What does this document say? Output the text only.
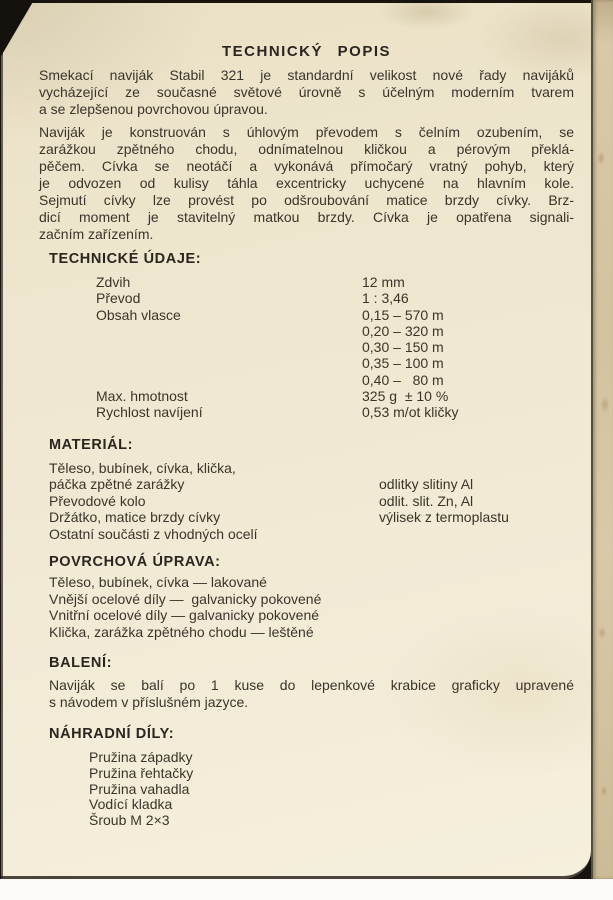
TECHNICKÝ POPIS
Smekací naviják Stabil 321 je standardní velikost nové řady navijáků
vycházející ze současné světové úrovně s účelným moderním tvarem
a se zlepšenou povrchovou úpravou.
Naviják je konstruován s úhlovým převodem s čelním ozubením, se
zarážkou zpětného chodu, odnímatelnou kličkou a pérovým překlá-
pěčem. Cívka se neotáčí a vykonává přímočarý vratný pohyb, který
je odvozen od kulisy táhla excentricky uchycené na hlavním kole.
Sejmutí cívky lze provést po odšroubování matice brzdy cívky. Brz-
dicí moment je stavitelný matkou brzdy. Cívka je opatřena signali-
začním zařízením.
TECHNICKÉ ÚDAJE:
Zdvih	12 mm
Převod	1 : 3,46
Obsah vlasce	0,15 – 570 m
0,20 – 320 m
0,30 – 150 m
0,35 – 100 m
0,40 –   80 m
Max. hmotnost	325 g  ± 10 %
Rychlost navíjení	0,53 m/ot kličky
MATERIÁL:
Těleso, bubínek, cívka, klička,
páčka zpětné zarážky	odlitky slitiny Al
Převodové kolo	odlit. slit. Zn, Al
Držátko, matice brzdy cívky	výlisek z termoplastu
Ostatní součásti z vhodných ocelí
POVRCHOVÁ ÚPRAVA:
Těleso, bubínek, cívka — lakované
Vnější ocelové díly —  galvanicky pokovené
Vnitřní ocelové díly — galvanicky pokovené
Klička, zarážka zpětného chodu — leštěné
BALENÍ:
Naviják se balí po 1 kuse do lepenkové krabice graficky upravené
s návodem v příslušném jazyce.
NÁHRADNÍ DÍLY:
Pružina západky
Pružina řehtačky
Pružina vahadla
Vodící kladka
Šroub M 2×3
